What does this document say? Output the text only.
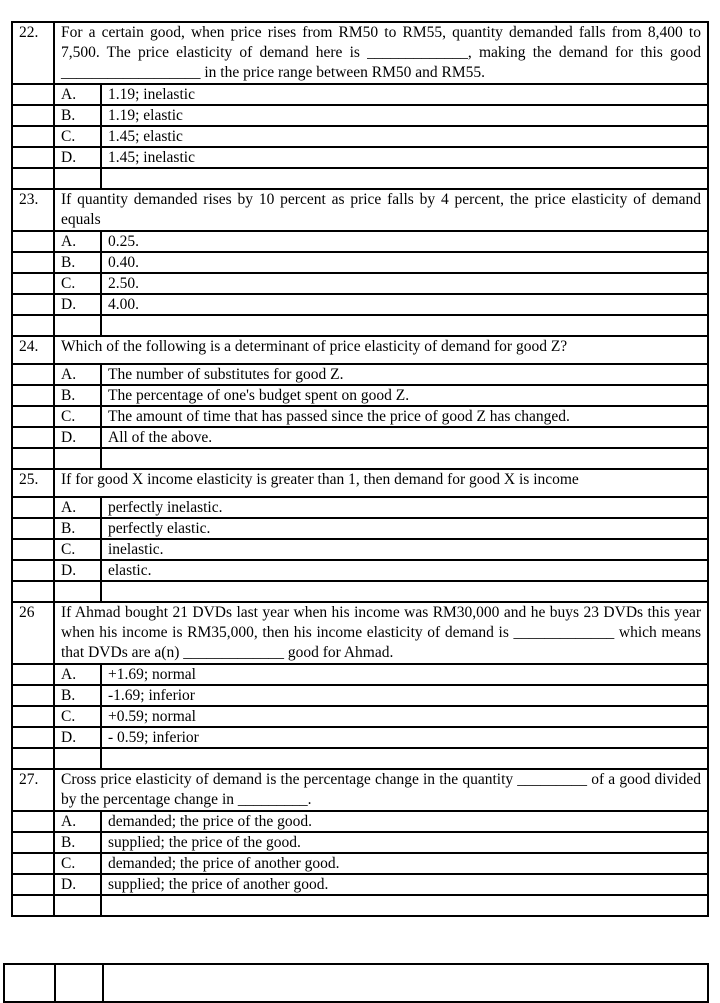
22.	For a certain good, when price rises from RM50 to RM55, quantity demanded falls from 8,400 to 7,500. The price elasticity of demand here is _____________, making the demand for this good __________________ in the price range between RM50 and RM55.	
	A.	1.19; inelastic
	B.	1.19; elastic
	C.	1.45; elastic
	D.	1.45; inelastic

23.	If quantity demanded rises by 10 percent as price falls by 4 percent, the price elasticity of demand equals	
	A.	0.25.
	B.	0.40.
	C.	2.50.
	D.	4.00.

24.	Which of the following is a determinant of price elasticity of demand for good Z?	
	A.	The number of substitutes for good Z.
	B.	The percentage of one's budget spent on good Z.
	C.	The amount of time that has passed since the price of good Z has changed.
	D.	All of the above.

25.	If for good X income elasticity is greater than 1, then demand for good X is income	
	A.	perfectly inelastic.
	B.	perfectly elastic.
	C.	inelastic.
	D.	elastic.

26	If Ahmad bought 21 DVDs last year when his income was RM30,000 and he buys 23 DVDs this year when his income is RM35,000, then his income elasticity of demand is _____________ which means that DVDs are a(n) _____________ good for Ahmad.	
	A.	+1.69; normal
	B.	-1.69; inferior
	C.	+0.59; normal
	D.	- 0.59; inferior

27.	Cross price elasticity of demand is the percentage change in the quantity _________ of a good divided by the percentage change in _________.	
	A.	demanded; the price of the good.
	B.	supplied; the price of the good.
	C.	demanded; the price of another good.
	D.	supplied; the price of another good.
